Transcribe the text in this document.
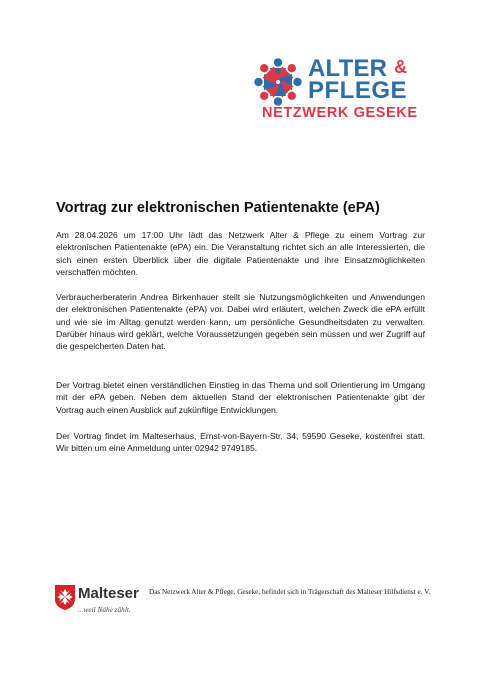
ALTER &
PFLEGE
NETZWERK GESEKE
Vortrag zur elektronischen Patientenakte (ePA)

Am 28.04.2026 um 17:00 Uhr lädt das Netzwerk Alter & Pflege zu einem Vortrag zur elektronischen Patientenakte (ePA) ein. Die Veranstaltung richtet sich an alle Interessierten, die sich einen ersten Überblick über die digitale Patientenakte und ihre Einsatzmöglichkeiten verschaffen möchten.

Verbraucherberaterin Andrea Birkenhauer stellt sie Nutzungsmöglichkeiten und Anwendungen der elektronischen Patientenakte (ePA) vor. Dabei wird erläutert, welchen Zweck die ePA erfüllt und wie sie im Alltag genutzt werden kann, um persönliche Gesundheitsdaten zu verwalten. Darüber hinaus wird geklärt, welche Voraussetzungen gegeben sein müssen und wer Zugriff auf die gespeicherten Daten hat.

Der Vortrag bietet einen verständlichen Einstieg in das Thema und soll Orientierung im Umgang mit der ePA geben. Neben dem aktuellen Stand der elektronischen Patientenakte gibt der Vortrag auch einen Ausblick auf zukünftige Entwicklungen.

Der Vortrag findet im Malteserhaus, Ernst-von-Bayern-Str. 34, 59590 Geseke, kostenfrei statt. Wir bitten um eine Anmeldung unter 02942 9749185.

Malteser
...weil Nähe zählt.
Das Netzwerk Alter & Pflege, Geseke, befindet sich in Trägerschaft des Malteser Hilfsdienst e. V.
